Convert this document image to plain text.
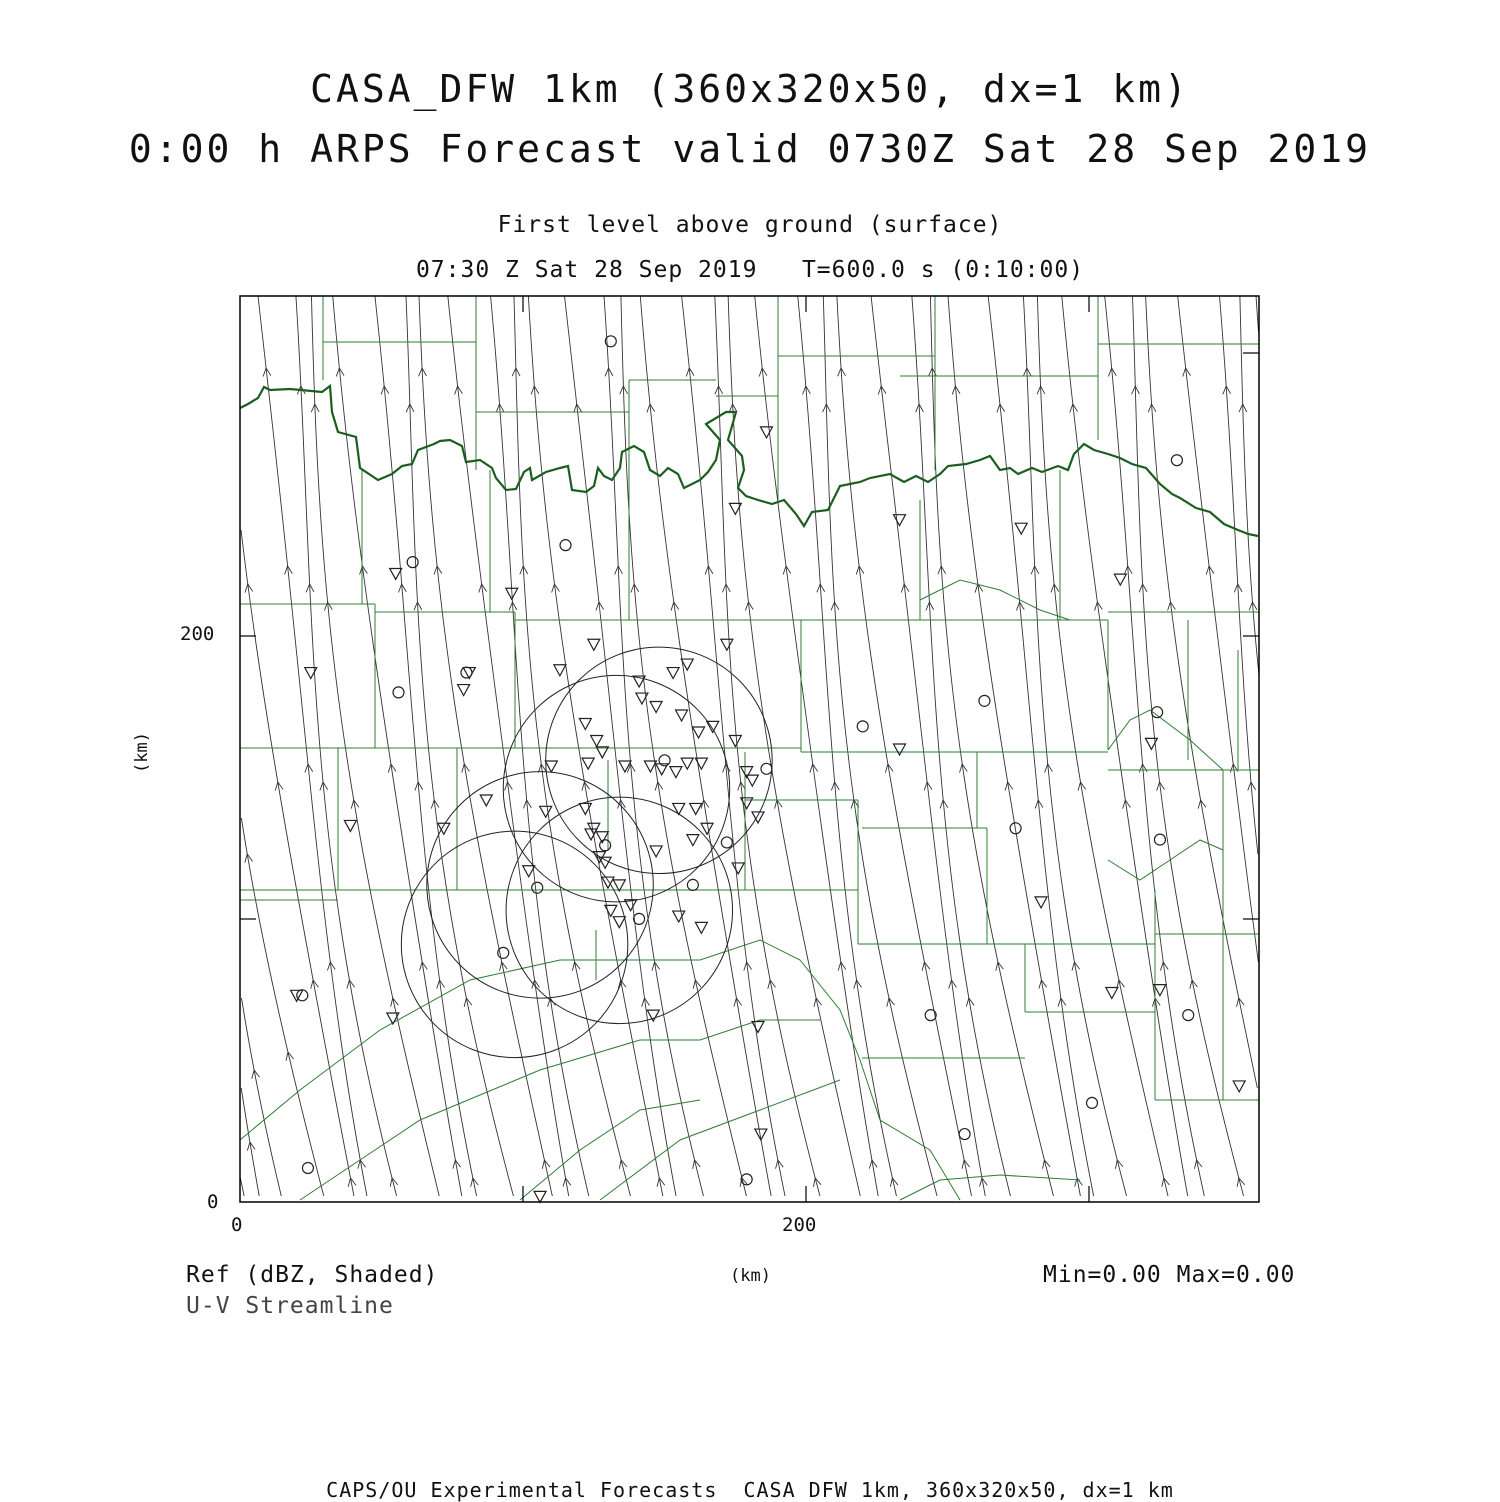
CASA_DFW 1km (360x320x50, dx=1 km)
0:00 h ARPS Forecast valid 0730Z Sat 28 Sep 2019
First level above ground (surface)
07:30 Z Sat 28 Sep 2019   T=600.0 s (0:10:00)
200
0
0	200
(km)
(km)
Ref (dBZ, Shaded)
U-V Streamline
Min=0.00 Max=0.00
CAPS/OU Experimental Forecasts  CASA DFW 1km, 360x320x50, dx=1 km
